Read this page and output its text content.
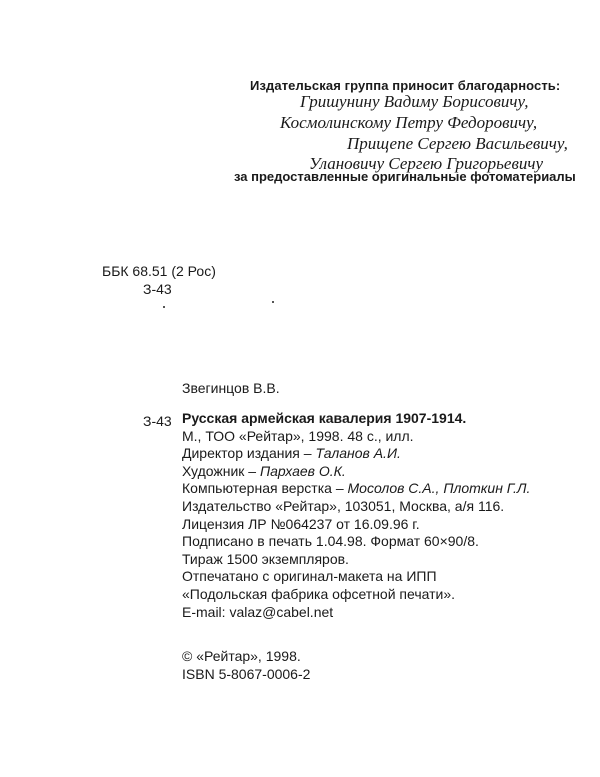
Издательская группа приносит благодарность:
Гришунину Вадиму Борисовичу,
Космолинскому Петру Федоровичу,
Прищепе Сергею Васильевичу,
Улановичу Сергею Григорьевичу
за предоставленные оригинальные фотоматериалы
ББК 68.51 (2 Рос)
З-43
Звегинцов В.В.
З-43 Русская армейская кавалерия 1907-1914.
М., ТОО «Рейтар», 1998. 48 с., илл.
Директор издания – Таланов А.И.
Художник – Пархаев О.К.
Компьютерная верстка – Мосолов С.А., Плоткин Г.Л.
Издательство «Рейтар», 103051, Москва, а/я 116.
Лицензия ЛР №064237 от 16.09.96 г.
Подписано в печать 1.04.98. Формат 60×90/8.
Тираж 1500 экземпляров.
Отпечатано с оригинал-макета на ИПП
«Подольская фабрика офсетной печати».
E-mail: valaz@cabel.net
© «Рейтар», 1998.
ISBN 5-8067-0006-2
